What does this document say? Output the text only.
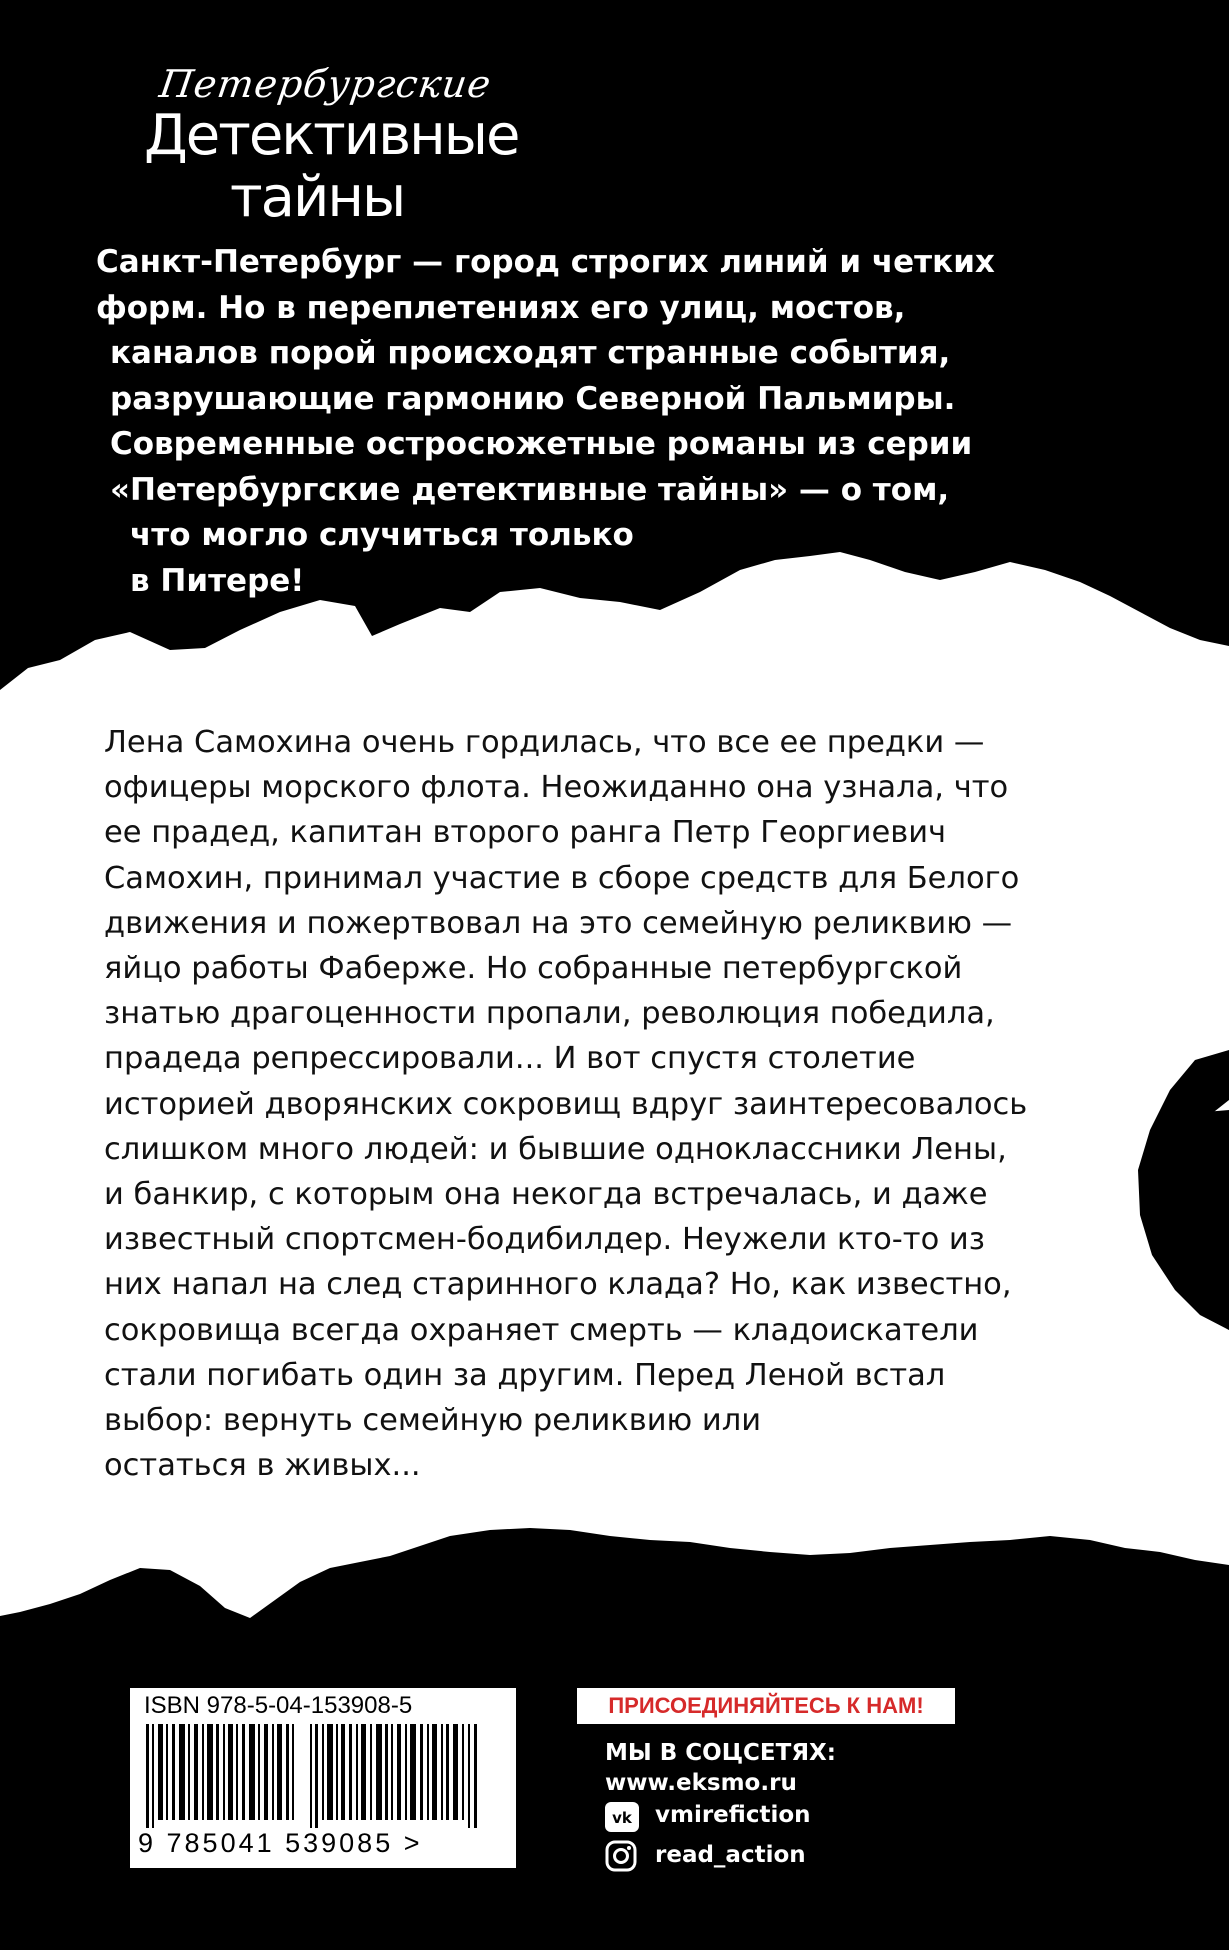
Петербургские
Детективные
тайны
Санкт-Петербург — город строгих линий и четких
форм. Но в переплетениях его улиц, мостов,
каналов порой происходят странные события,
разрушающие гармонию Северной Пальмиры.
Современные остросюжетные романы из серии
«Петербургские детективные тайны» — о том,
что могло случиться только
в Питере!
Лена Самохина очень гордилась, что все ее предки —
офицеры морского флота. Неожиданно она узнала, что
ее прадед, капитан второго ранга Петр Георгиевич
Самохин, принимал участие в сборе средств для Белого
движения и пожертвовал на это семейную реликвию —
яйцо работы Фаберже. Но собранные петербургской
знатью драгоценности пропали, революция победила,
прадеда репрессировали... И вот спустя столетие
историей дворянских сокровищ вдруг заинтересовалось
слишком много людей: и бывшие одноклассники Лены,
и банкир, с которым она некогда встречалась, и даже
известный спортсмен-бодибилдер. Неужели кто-то из
них напал на след старинного клада? Но, как известно,
сокровища всегда охраняет смерть — кладоискатели
стали погибать один за другим. Перед Леной встал
выбор: вернуть семейную реликвию или
остаться в живых...
ISBN 978-5-04-153908-5
9 785041 539085 >
ПРИСОЕДИНЯЙТЕСЬ К НАМ!
МЫ В СОЦСЕТЯХ:
www.eksmo.ru
vk vmirefiction
read_action
